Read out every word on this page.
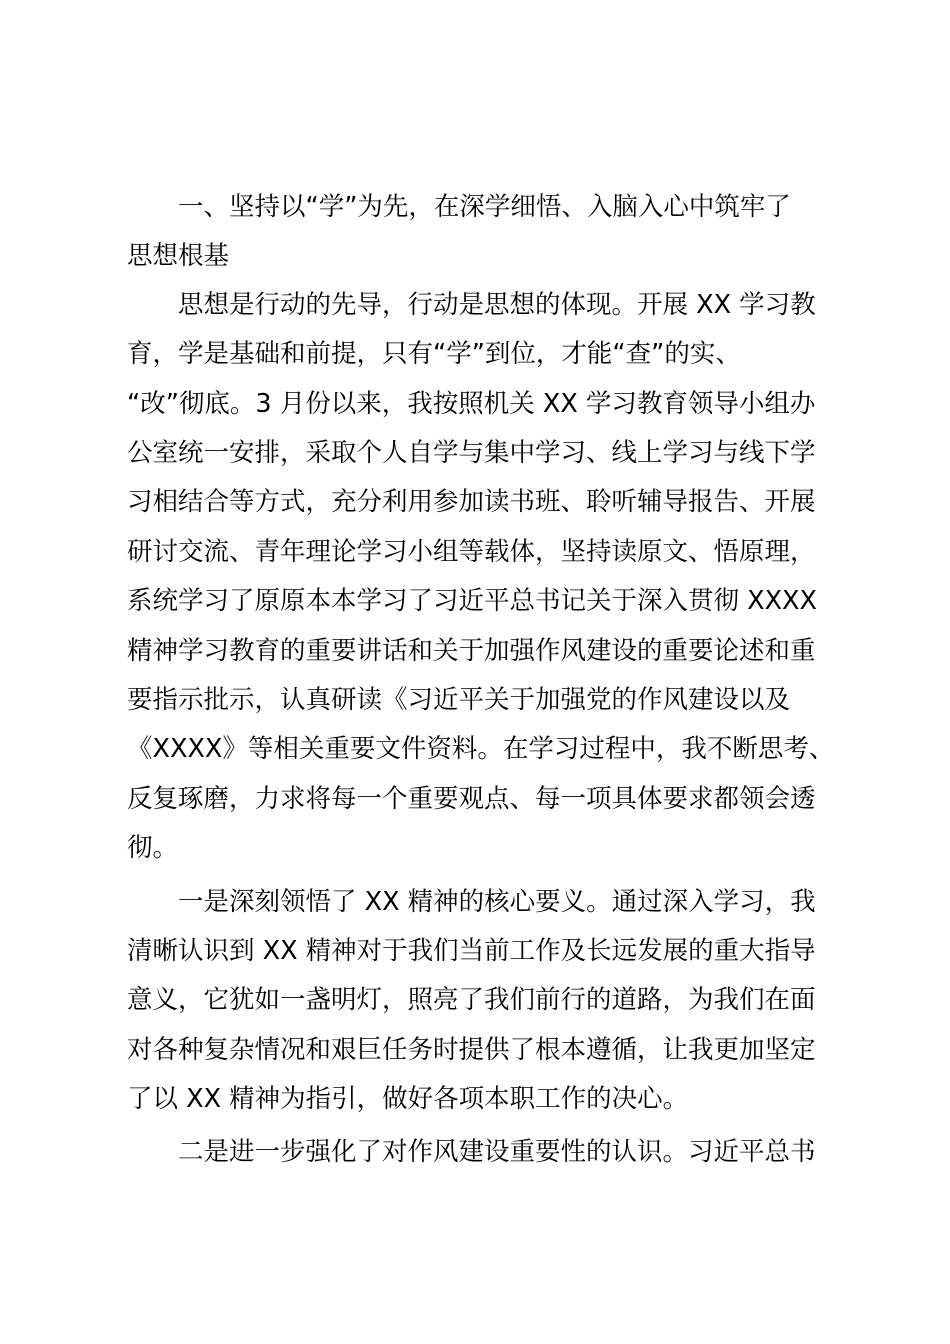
一、坚持以“学”为先，在深学细悟、入脑入心中筑牢了
思想根基
思想是行动的先导，行动是思想的体现。开展 XX 学习教
育，学是基础和前提，只有“学”到位，才能“查”的实、
“改”彻底。3 月份以来，我按照机关 XX 学习教育领导小组办
公室统一安排，采取个人自学与集中学习、线上学习与线下学
习相结合等方式，充分利用参加读书班、聆听辅导报告、开展
研讨交流、青年理论学习小组等载体，坚持读原文、悟原理，
系统学习了原原本本学习了习近平总书记关于深入贯彻 XXXX
精神学习教育的重要讲话和关于加强作风建设的重要论述和重
要指示批示，认真研读《习近平关于加强党的作风建设以及
《XXXX》等相关重要文件资料。在学习过程中，我不断思考、
反复琢磨，力求将每一个重要观点、每一项具体要求都领会透
彻。
一是深刻领悟了 XX 精神的核心要义。通过深入学习，我
清晰认识到 XX 精神对于我们当前工作及长远发展的重大指导
意义，它犹如一盏明灯，照亮了我们前行的道路，为我们在面
对各种复杂情况和艰巨任务时提供了根本遵循，让我更加坚定
了以 XX 精神为指引，做好各项本职工作的决心。
二是进一步强化了对作风建设重要性的认识。习近平总书
